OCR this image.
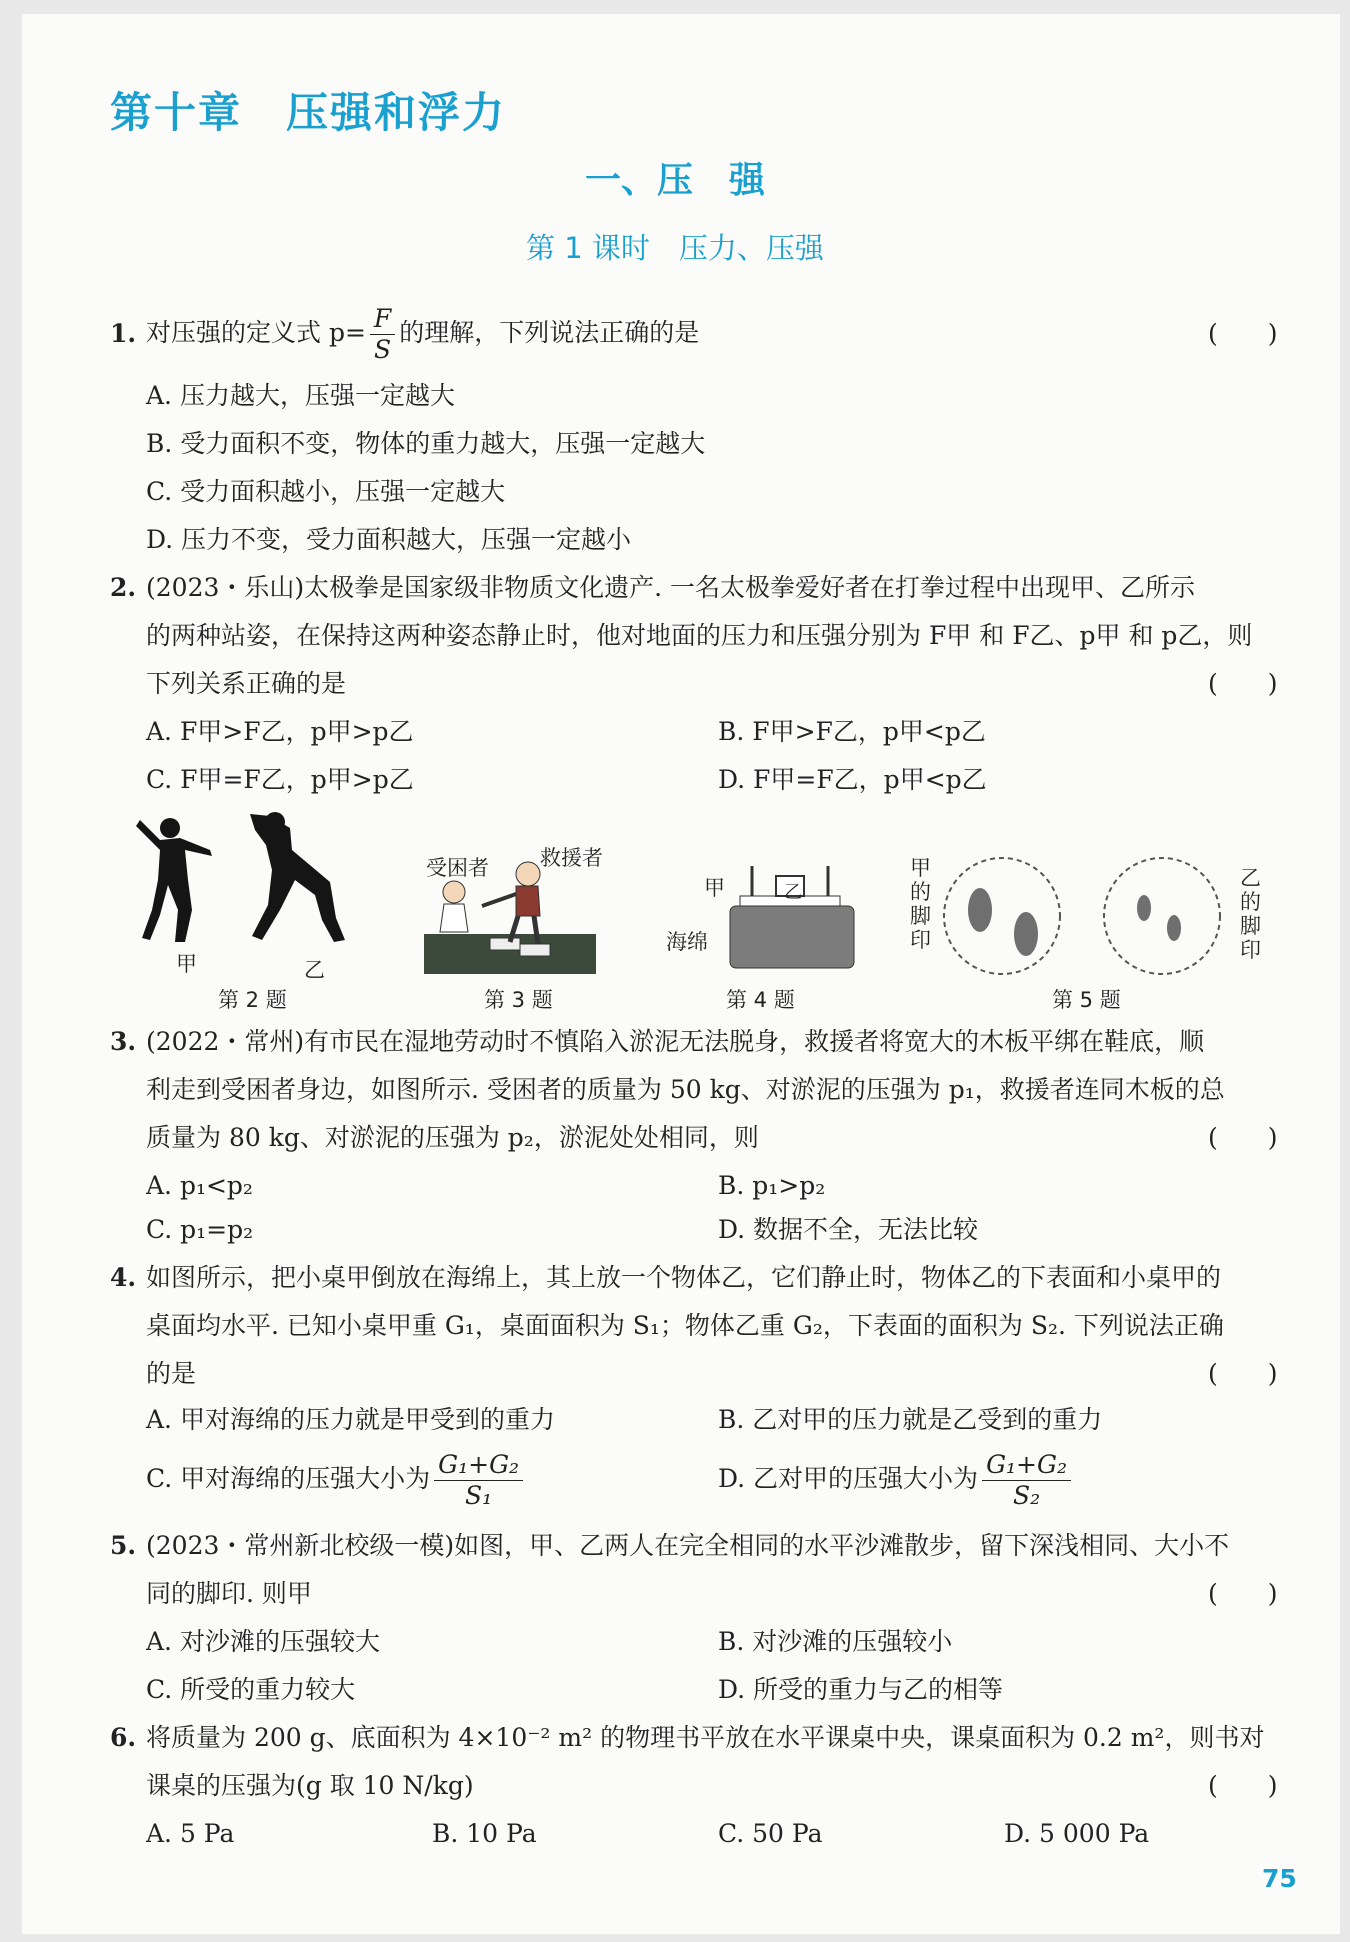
第十章　压强和浮力
一、压　强
第 1 课时　压力、压强
1. 对压强的定义式 $p= \frac{F}{S}$ 的理解，下列说法正确的是	(　　)
A. 压力越大，压强一定越大
B. 受力面积不变，物体的重力越大，压强一定越大
C. 受力面积越小，压强一定越大
D. 压力不变，受力面积越大，压强一定越小
2. (2023・乐山)太极拳是国家级非物质文化遗产. 一名太极拳爱好者在打拳过程中出现甲、乙所示
的两种站姿，在保持这两种姿态静止时，他对地面的压力和压强分别为 F甲 和 F乙、p甲 和 p乙，则
下列关系正确的是	(　　)
A. F甲>F乙，p甲>p乙	B. F甲>F乙，p甲<p乙
C. F甲=F乙，p甲>p乙	D. F甲=F乙，p甲<p乙
甲	乙
第 2 题
受困者 救援者
第 3 题
乙
甲
海绵
第 4 题
甲的脚印
乙的脚印
第 5 题
3. (2022・常州)有市民在湿地劳动时不慎陷入淤泥无法脱身，救援者将宽大的木板平绑在鞋底，顺
利走到受困者身边，如图所示. 受困者的质量为 50 kg、对淤泥的压强为 p₁，救援者连同木板的总
质量为 80 kg、对淤泥的压强为 p₂，淤泥处处相同，则	(　　)
A. p₁<p₂	B. p₁>p₂
C. p₁=p₂	D. 数据不全，无法比较
4. 如图所示，把小桌甲倒放在海绵上，其上放一个物体乙，它们静止时，物体乙的下表面和小桌甲的
桌面均水平. 已知小桌甲重 G₁，桌面面积为 S₁；物体乙重 G₂，下表面的面积为 S₂. 下列说法正确
的是	(　　)
A. 甲对海绵的压力就是甲受到的重力	B. 乙对甲的压力就是乙受到的重力
C. 甲对海绵的压强大小为 $\frac{\text{G₁+G₂}}{\text{S₁}}$	D. 乙对甲的压强大小为 $\frac{\text{G₁+G₂}}{\text{S₂}}$
5. (2023・常州新北校级一模)如图，甲、乙两人在完全相同的水平沙滩散步，留下深浅相同、大小不
同的脚印. 则甲	(　　)
A. 对沙滩的压强较大	B. 对沙滩的压强较小
C. 所受的重力较大	D. 所受的重力与乙的相等
6. 将质量为 200 g、底面积为 4×10⁻² m² 的物理书平放在水平课桌中央，课桌面积为 0.2 m²，则书对
课桌的压强为(g 取 10 N/kg)	(　　)
A. 5 Pa	B. 10 Pa	C. 50 Pa	D. 5 000 Pa
75
